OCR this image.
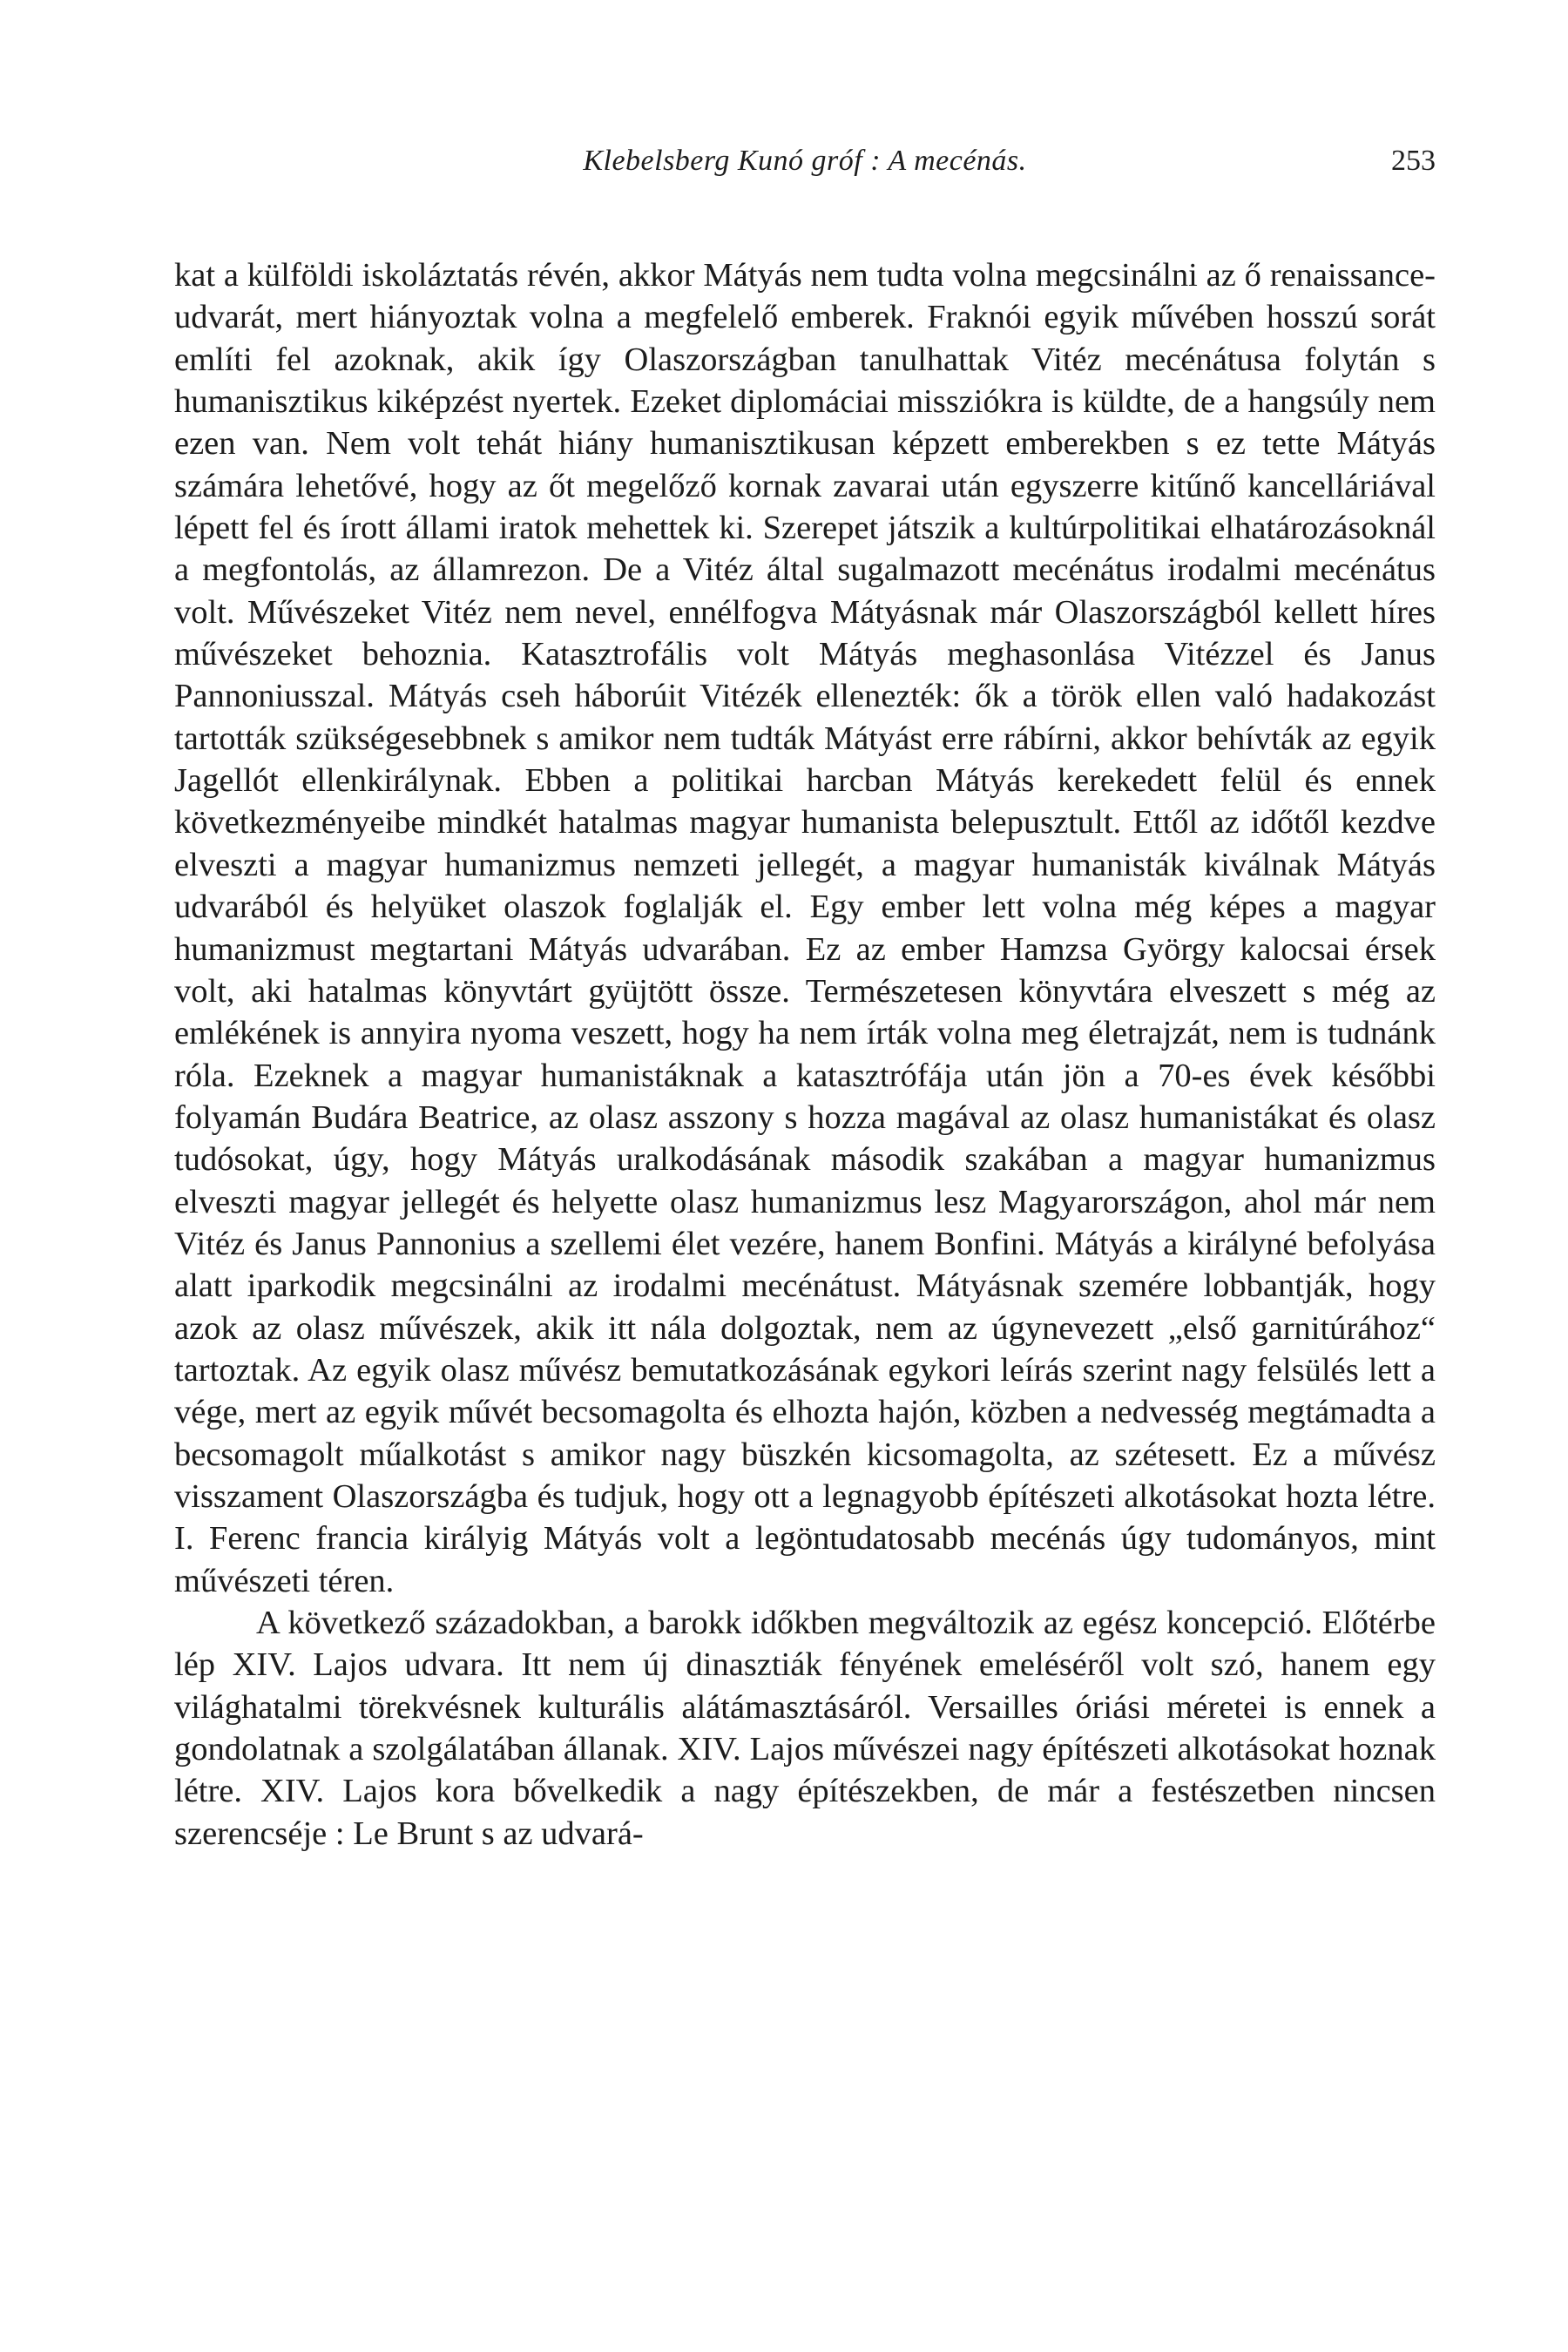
Klebelsberg Kunó gróf : A mecénás.	253

kat a külföldi iskoláztatás révén, akkor Mátyás nem tudta volna megcsinálni az ő renaissance-udvarát, mert hiányoztak volna a megfelelő emberek. Fraknói egyik művében hosszú sorát említi fel azoknak, akik így Olaszországban tanulhattak Vitéz mecénátusa folytán s humanisztikus kiképzést nyertek. Ezeket diplomáciai missziókra is küldte, de a hangsúly nem ezen van. Nem volt tehát hiány humanisztikusan képzett emberekben s ez tette Mátyás számára lehetővé, hogy az őt megelőző kornak zavarai után egyszerre kitűnő kancelláriával lépett fel és írott állami iratok mehettek ki. Szerepet játszik a kultúrpolitikai elhatározásoknál a megfontolás, az államrezon. De a Vitéz által sugalmazott mecénátus irodalmi mecénátus volt. Művészeket Vitéz nem nevel, ennélfogva Mátyásnak már Olaszországból kellett híres művészeket behoznia. Katasztrofális volt Mátyás meghasonlása Vitézzel és Janus Pannoniusszal. Mátyás cseh háborúit Vitézék ellenezték: ők a török ellen való hadakozást tartották szükségesebbnek s amikor nem tudták Mátyást erre rábírni, akkor behívták az egyik Jagellót ellenkirálynak. Ebben a politikai harcban Mátyás kerekedett felül és ennek következményeibe mindkét hatalmas magyar humanista belepusztult. Ettől az időtől kezdve elveszti a magyar humanizmus nemzeti jellegét, a magyar humanisták kiválnak Mátyás udvarából és helyüket olaszok foglalják el. Egy ember lett volna még képes a magyar humanizmust megtartani Mátyás udvarában. Ez az ember Hamzsa György kalocsai érsek volt, aki hatalmas könyvtárt gyüjtött össze. Természetesen könyvtára elveszett s még az emlékének is annyira nyoma veszett, hogy ha nem írták volna meg életrajzát, nem is tudnánk róla. Ezeknek a magyar humanistáknak a katasztrófája után jön a 70-es évek későbbi folyamán Budára Beatrice, az olasz asszony s hozza magával az olasz humanistákat és olasz tudósokat, úgy, hogy Mátyás uralkodásának második szakában a magyar humanizmus elveszti magyar jellegét és helyette olasz humanizmus lesz Magyarországon, ahol már nem Vitéz és Janus Pannonius a szellemi élet vezére, hanem Bonfini. Mátyás a királyné befolyása alatt iparkodik megcsinálni az irodalmi mecénátust. Mátyásnak szemére lobbantják, hogy azok az olasz művészek, akik itt nála dolgoztak, nem az úgynevezett „első garnitúrához“ tartoztak. Az egyik olasz művész bemutatkozásának egykori leírás szerint nagy felsülés lett a vége, mert az egyik művét becsomagolta és elhozta hajón, közben a nedvesség megtámadta a becsomagolt műalkotást s amikor nagy büszkén kicsomagolta, az szétesett. Ez a művész visszament Olaszországba és tudjuk, hogy ott a legnagyobb építészeti alkotásokat hozta létre. I. Ferenc francia királyig Mátyás volt a legöntudatosabb mecénás úgy tudományos, mint művészeti téren.

A következő századokban, a barokk időkben megváltozik az egész koncepció. Előtérbe lép XIV. Lajos udvara. Itt nem új dinasztiák fényének emeléséről volt szó, hanem egy világhatalmi törekvésnek kulturális alátámasztásáról. Versailles óriási méretei is ennek a gondolatnak a szolgálatában állanak. XIV. Lajos művészei nagy építészeti alkotásokat hoznak létre. XIV. Lajos kora bővelkedik a nagy építészekben, de már a festészetben nincsen szerencséje : Le Brunt s az udvará-
